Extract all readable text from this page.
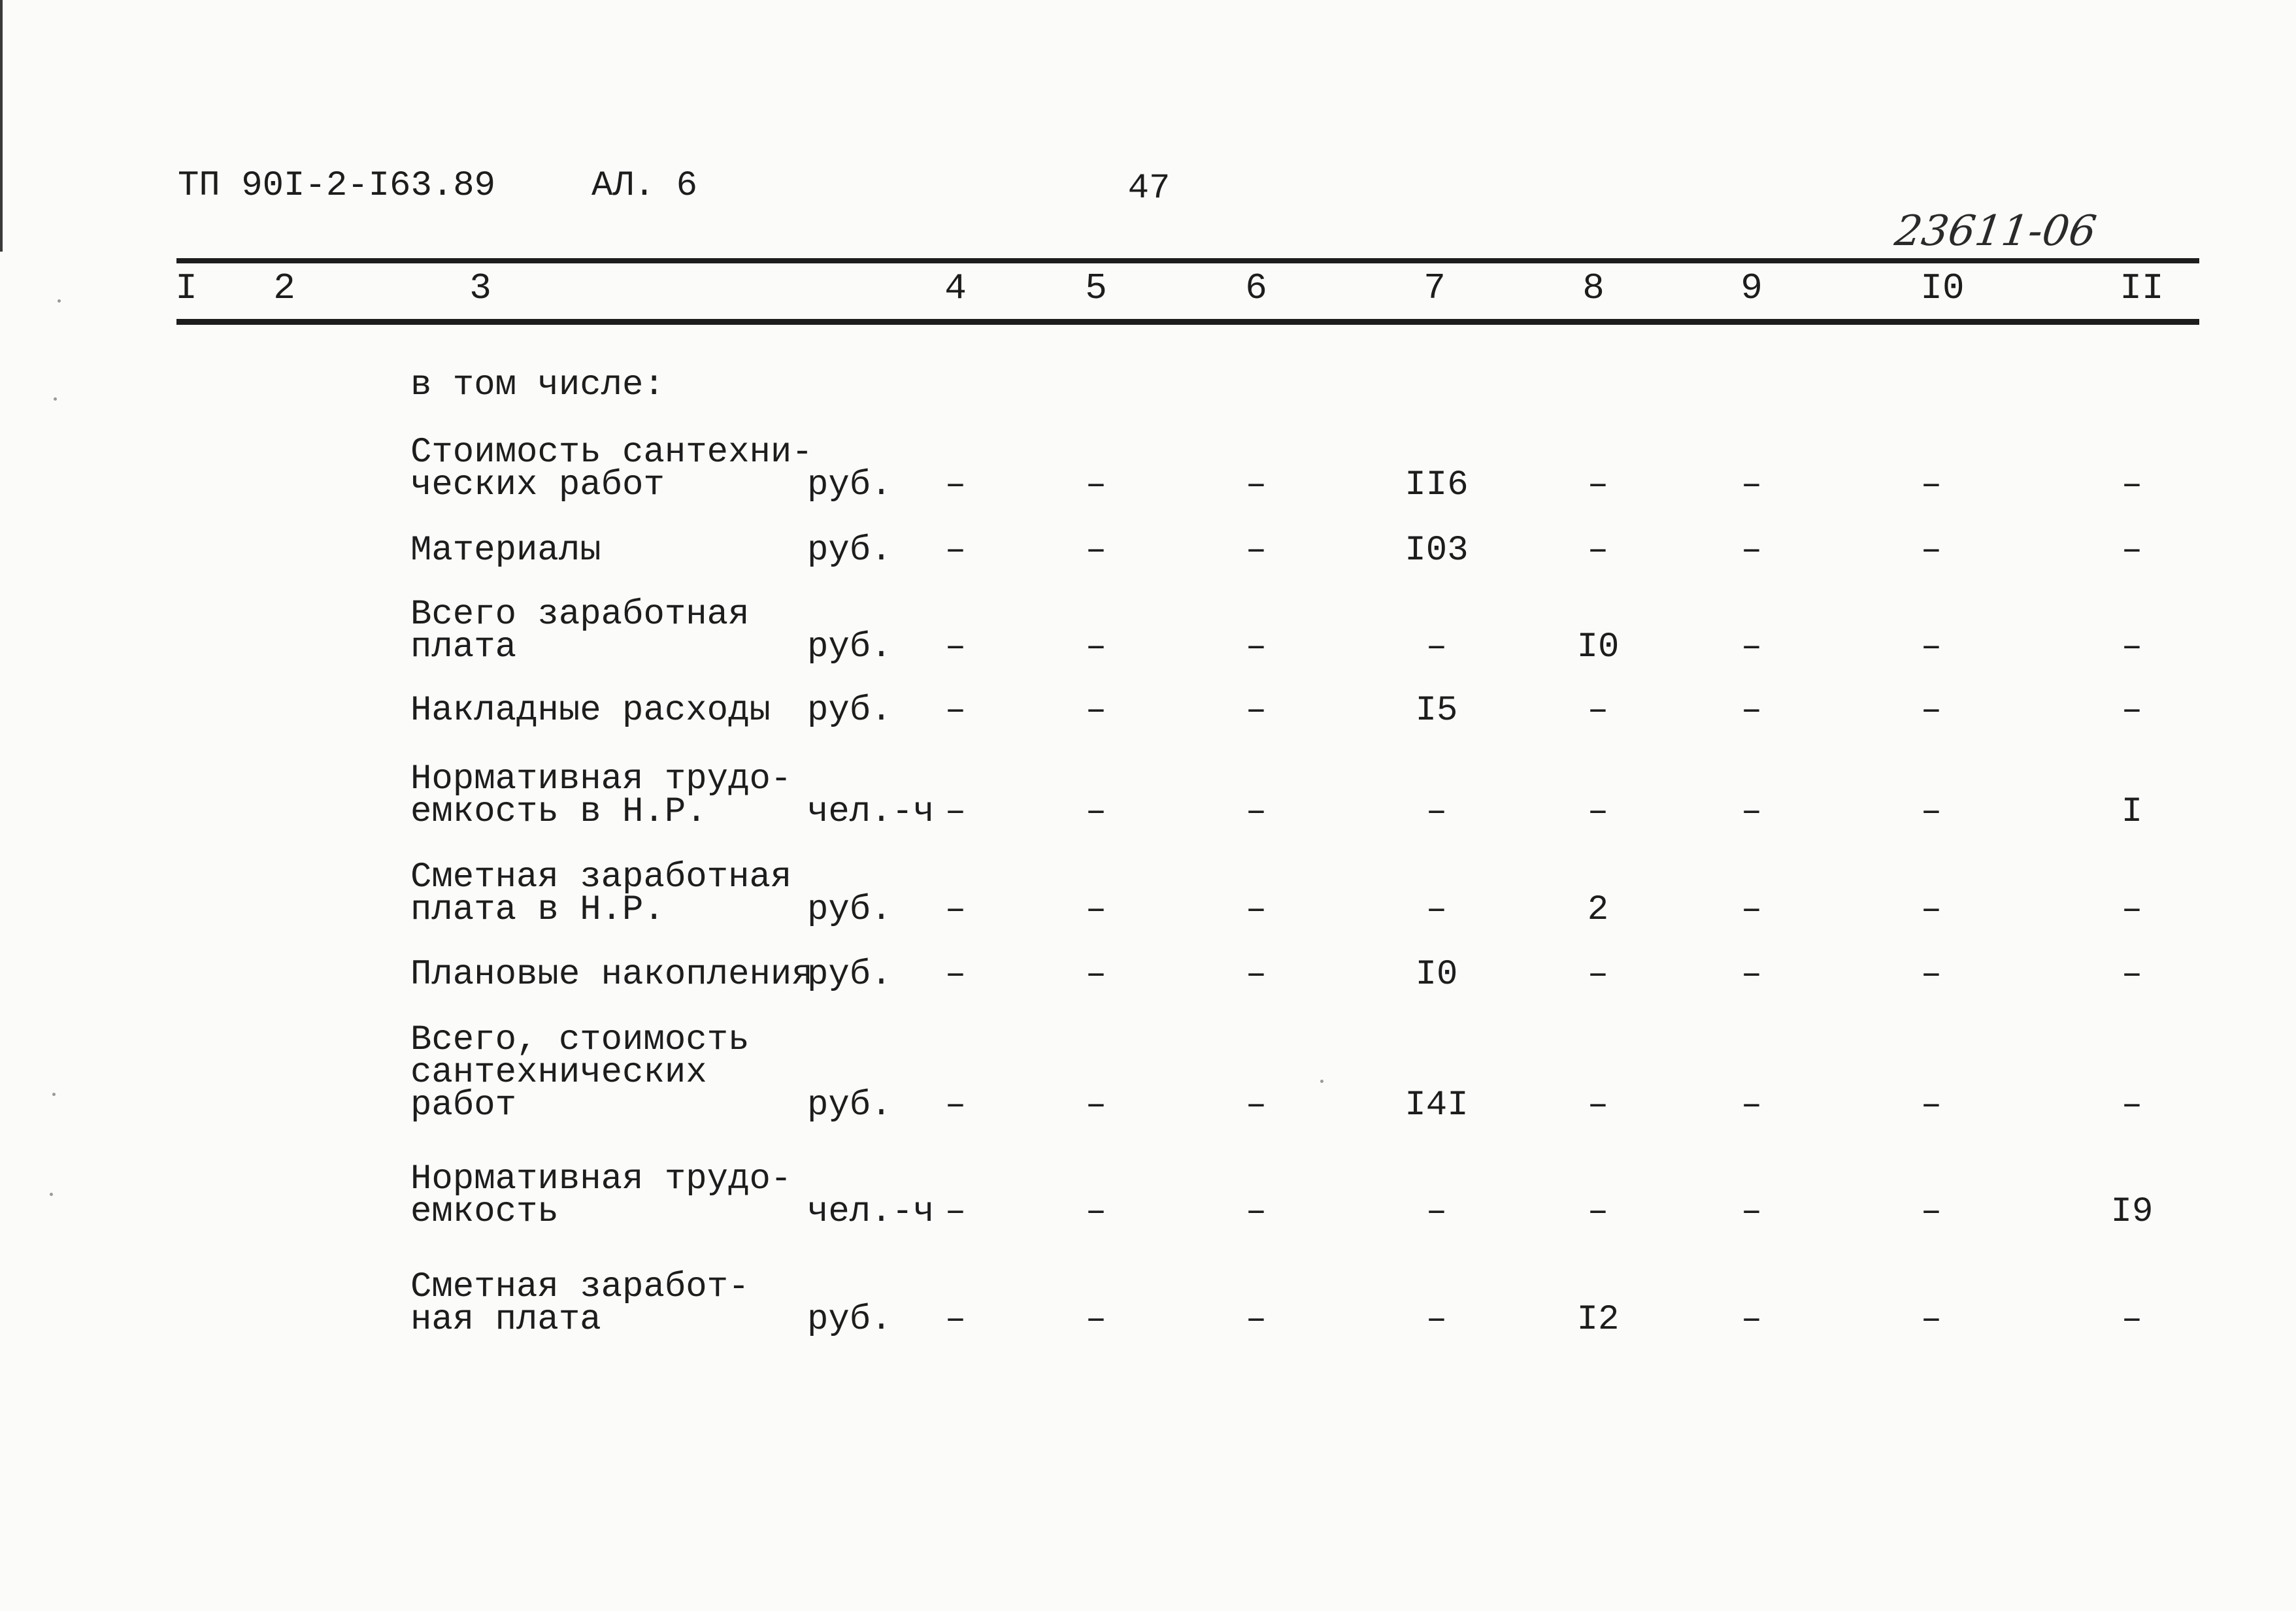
ТП 90I-2-I63.89	АЛ. 6	47
23611-06
I 2	3	4	5	6	7	8	9	I0	II
в том числе:
Стоимость сантехни-
ческих работ	руб. –	–	–	II6	–	–	–	–
Материалы	руб. –	–	–	I03	–	–	–	–
Всего заработная
плата	руб. –	–	–	–	I0	–	–	–
Накладные расходы руб. –	–	–	I5	–	–	–	–
Нормативная трудо-
емкость в Н.Р.	чел.-ч –	–	–	–	–	–	–	I
Сметная заработная
плата в Н.Р.	руб. –	–	–	–	2	–	–	–
Плановые накопления
руб. –	–	–	I0	–	–	–	–
Всего, стоимость
сантехнических
работ	руб. –	–	–	I4I	–	–	–	–
Нормативная трудо-
емкость	чел.-ч –	–	–	–	–	–	–	I9
Сметная заработ-
ная плата	руб. –	–	–	–	I2	–	–	–
